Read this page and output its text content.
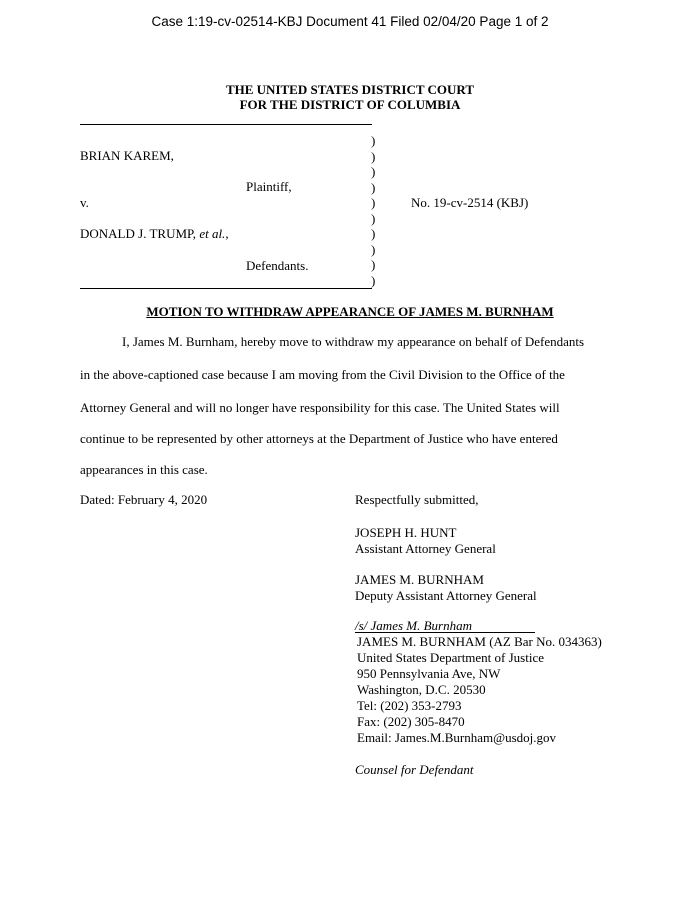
Case 1:19-cv-02514-KBJ Document 41 Filed 02/04/20 Page 1 of 2
THE UNITED STATES DISTRICT COURT
FOR THE DISTRICT OF COLUMBIA
)
)
)
)
)
)
)
)
)
)
BRIAN KAREM,
Plaintiff,
v.	No. 19-cv-2514 (KBJ)
DONALD J. TRUMP, et al.,
Defendants.
MOTION TO WITHDRAW APPEARANCE OF JAMES M. BURNHAM
I, James M. Burnham, hereby move to withdraw my appearance on behalf of Defendants
in the above-captioned case because I am moving from the Civil Division to the Office of the
Attorney General and will no longer have responsibility for this case. The United States will
continue to be represented by other attorneys at the Department of Justice who have entered
appearances in this case.
Dated: February 4, 2020	Respectfully submitted,
JOSEPH H. HUNT
Assistant Attorney General
JAMES M. BURNHAM
Deputy Assistant Attorney General
/s/ James M. Burnham
JAMES M. BURNHAM (AZ Bar No. 034363)
United States Department of Justice
950 Pennsylvania Ave, NW
Washington, D.C. 20530
Tel: (202) 353-2793
Fax: (202) 305-8470
Email: James.M.Burnham@usdoj.gov
Counsel for Defendant
